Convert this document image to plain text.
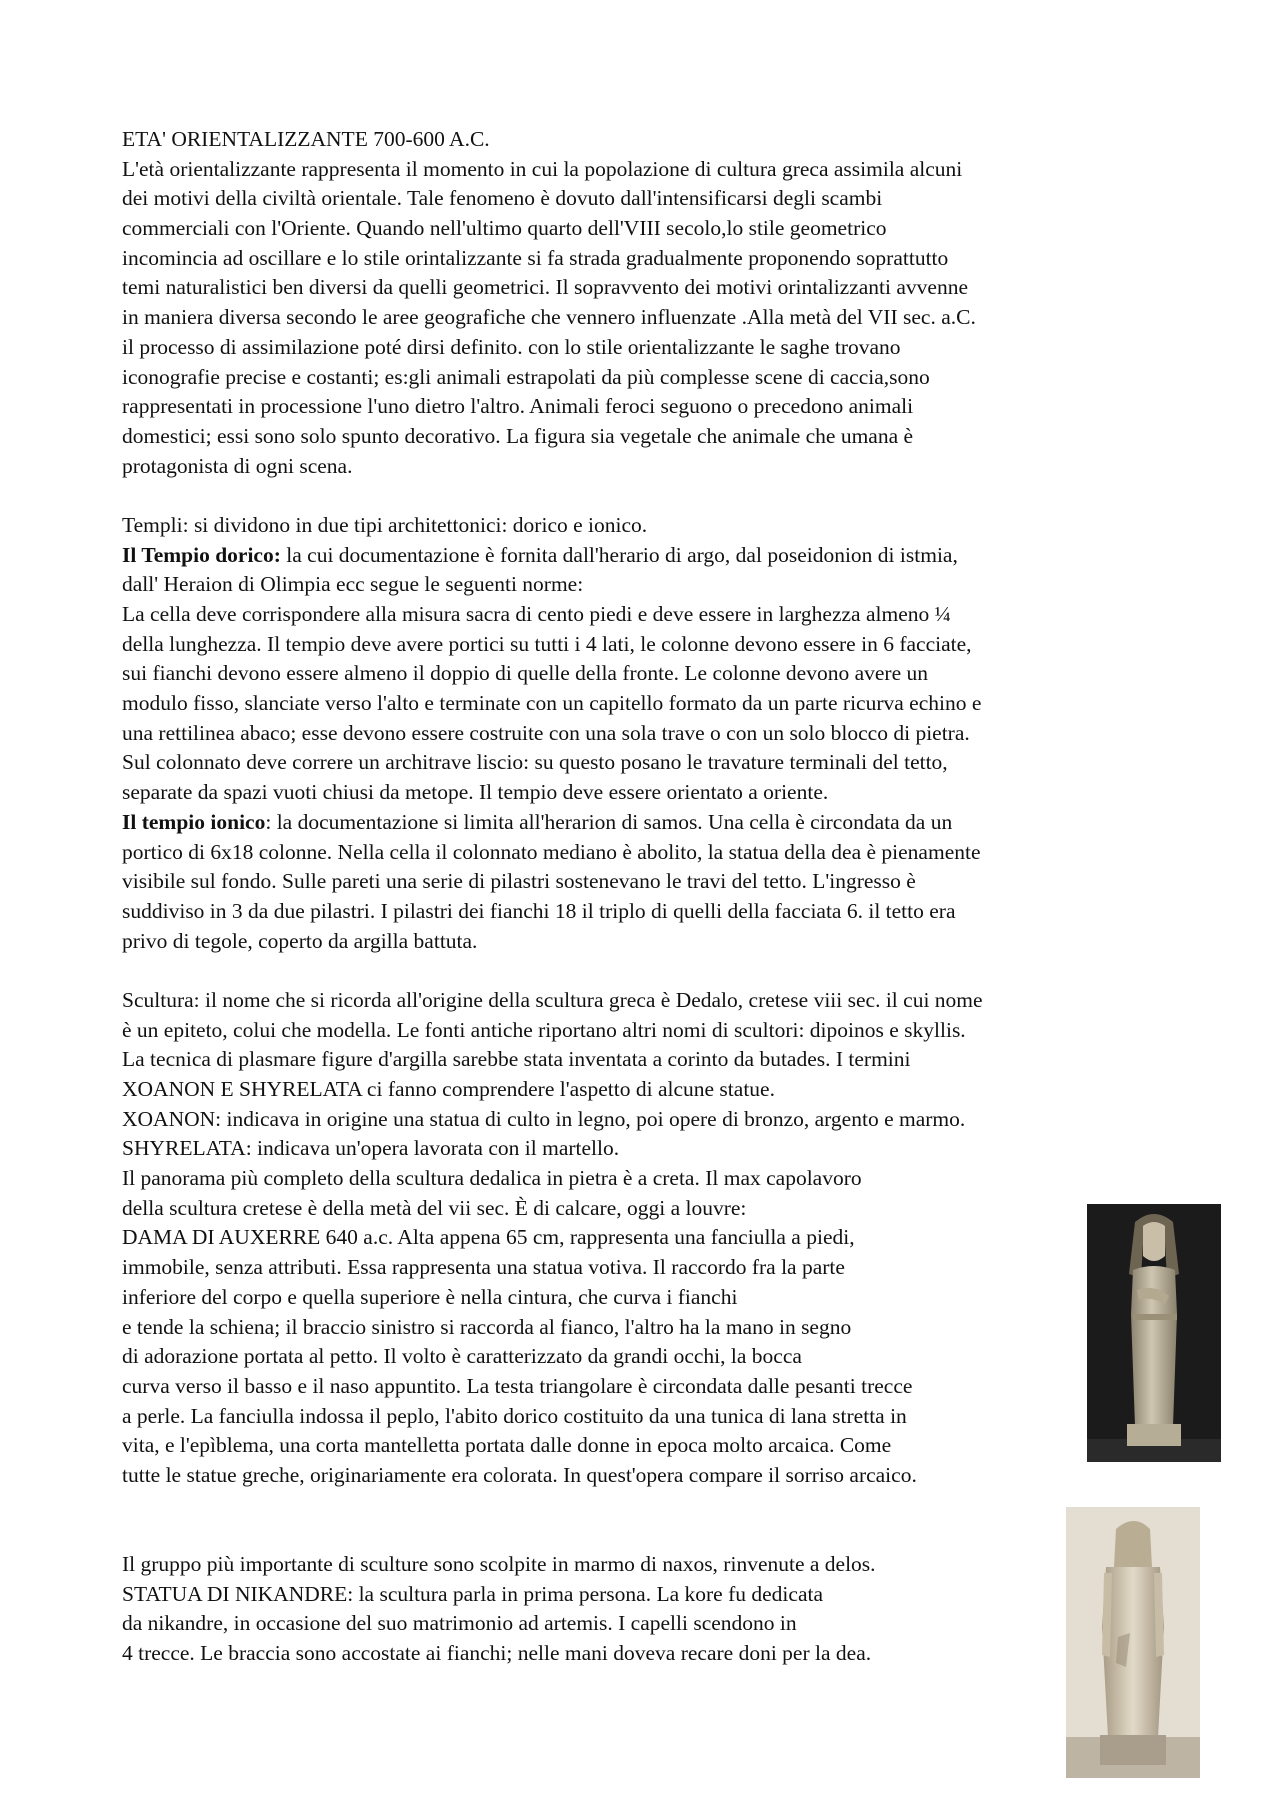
ETA' ORIENTALIZZANTE 700-600 A.C.
L'età orientalizzante rappresenta il momento in cui la popolazione di cultura greca assimila alcuni
dei motivi della civiltà orientale. Tale fenomeno è dovuto dall'intensificarsi degli scambi
commerciali con l'Oriente. Quando nell'ultimo quarto dell'VIII secolo,lo stile geometrico
incomincia ad oscillare e lo stile orintalizzante si fa strada gradualmente proponendo soprattutto
temi naturalistici ben diversi da quelli geometrici. Il sopravvento dei motivi orintalizzanti avvenne
in maniera diversa secondo le aree geografiche che vennero influenzate .Alla metà del VII sec. a.C.
il processo di assimilazione poté dirsi definito. con lo stile orientalizzante le saghe trovano
iconografie precise e costanti; es:gli animali estrapolati da più complesse scene di caccia,sono
rappresentati in processione l'uno dietro l'altro. Animali feroci seguono o precedono animali
domestici; essi sono solo spunto decorativo. La figura sia vegetale che animale che umana è
protagonista di ogni scena.
Templi: si dividono in due tipi architettonici: dorico e ionico.
Il Tempio dorico: la cui documentazione è fornita dall'herario di argo, dal poseidonion di istmia,
dall' Heraion di Olimpia ecc segue le seguenti norme:
La cella deve corrispondere alla misura sacra di cento piedi e deve essere in larghezza almeno ¼
della lunghezza. Il tempio deve avere portici su tutti i 4 lati, le colonne devono essere in 6 facciate,
sui fianchi devono essere almeno il doppio di quelle della fronte. Le colonne devono avere un
modulo fisso, slanciate verso l'alto e terminate con un capitello formato da un parte ricurva echino e
una rettilinea abaco; esse devono essere costruite con una sola trave o con un solo blocco di pietra.
Sul colonnato deve correre un architrave liscio: su questo posano le travature terminali del tetto,
separate da spazi vuoti chiusi da metope. Il tempio deve essere orientato a oriente.
Il tempio ionico: la documentazione si limita all'herarion di samos. Una cella è circondata da un
portico di 6x18 colonne. Nella cella il colonnato mediano è abolito, la statua della dea è pienamente
visibile sul fondo. Sulle pareti una serie di pilastri sostenevano le travi del tetto. L'ingresso è
suddiviso in 3 da due pilastri. I pilastri dei fianchi 18 il triplo di quelli della facciata 6. il tetto era
privo di tegole, coperto da argilla battuta.
Scultura: il nome che si ricorda all'origine della scultura greca è Dedalo, cretese viii sec. il cui nome
è un epiteto, colui che modella. Le fonti antiche riportano altri nomi di scultori: dipoinos e skyllis.
La tecnica di plasmare figure d'argilla sarebbe stata inventata a corinto da butades. I termini
XOANON E SHYRELATA ci fanno comprendere l'aspetto di alcune statue.
XOANON: indicava in origine una statua di culto in legno, poi opere di bronzo, argento e marmo.
SHYRELATA: indicava un'opera lavorata con il martello.
Il panorama più completo della scultura dedalica in pietra è a creta. Il max capolavoro
della scultura cretese è della metà del vii sec. È di calcare, oggi a louvre:
DAMA DI AUXERRE 640 a.c. Alta appena 65 cm, rappresenta una fanciulla a piedi,
immobile, senza attributi. Essa rappresenta una statua votiva. Il raccordo fra la parte
inferiore del corpo e quella superiore è nella cintura, che curva i fianchi
e tende la schiena; il braccio sinistro si raccorda al fianco, l'altro ha la mano in segno
di adorazione portata al petto. Il volto è caratterizzato da grandi occhi, la bocca
curva verso il basso e il naso appuntito. La testa triangolare è circondata dalle pesanti trecce
a perle. La fanciulla indossa il peplo, l'abito dorico costituito da una tunica di lana stretta in
vita, e l'epìblema, una corta mantelletta portata dalle donne in epoca molto arcaica. Come
tutte le statue greche, originariamente era colorata. In quest'opera compare il sorriso arcaico.
Il gruppo più importante di sculture sono scolpite in marmo di naxos, rinvenute a delos.
STATUA DI NIKANDRE: la scultura parla in prima persona. La kore fu dedicata
da nikandre, in occasione del suo matrimonio ad artemis. I capelli scendono in
4 trecce. Le braccia sono accostate ai fianchi; nelle mani doveva recare doni per la dea.
